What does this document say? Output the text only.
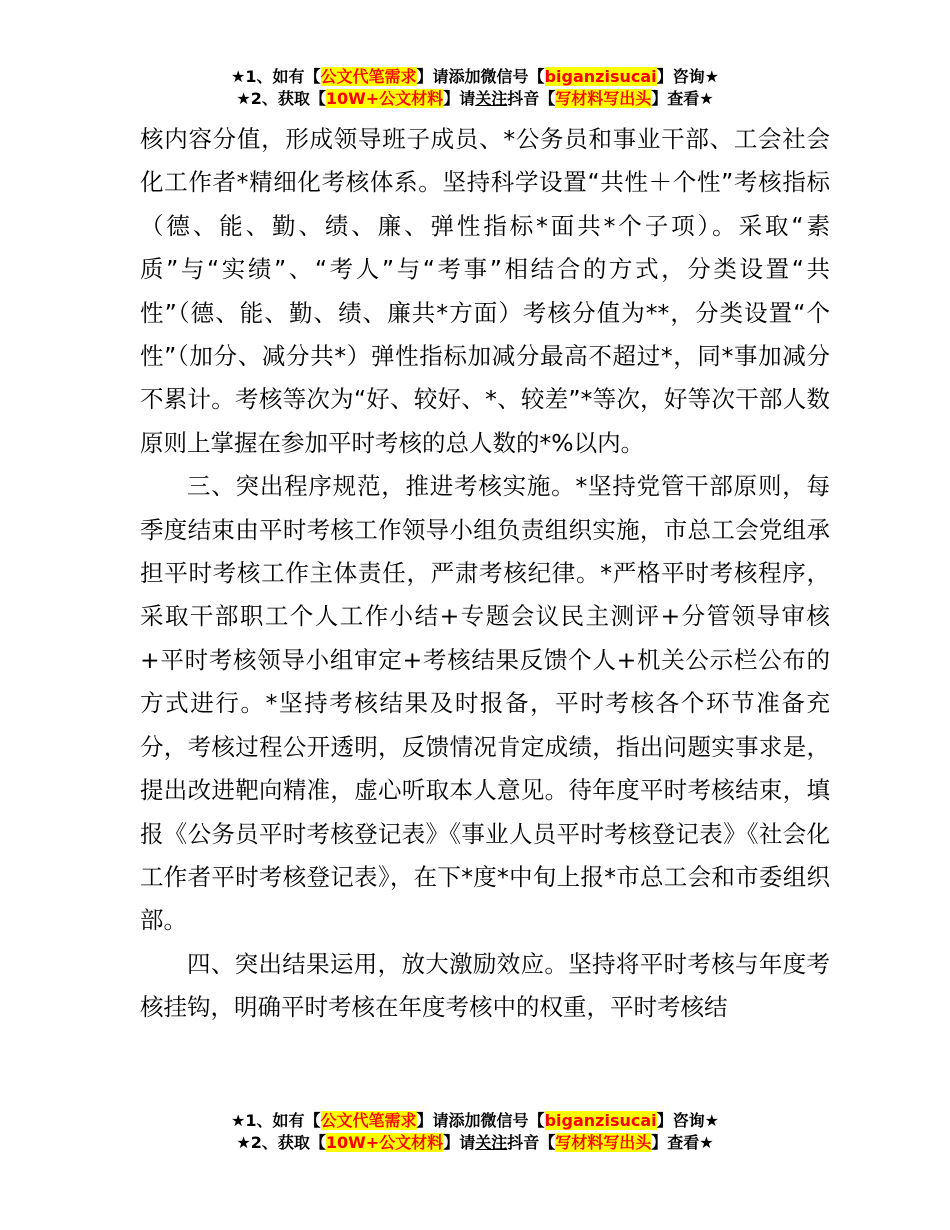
★1、如有【公文代笔需求】请添加微信号【biganzisucai】咨询★
★2、获取【10W+公文材料】请关注抖音【写材料写出头】查看★

核内容分值，形成领导班子成员、*公务员和事业干部、工会社会化工作者*精细化考核体系。坚持科学设置“共性＋个性”考核指标（德、能、勤、绩、廉、弹性指标*面共*个子项）。采取“素质”与“实绩”、“考人”与“考事”相结合的方式，分类设置“共性”（德、能、勤、绩、廉共*方面）考核分值为**，分类设置“个性”（加分、减分共*）弹性指标加减分最高不超过*，同*事加减分不累计。考核等次为“好、较好、*、较差”*等次，好等次干部人数原则上掌握在参加平时考核的总人数的*%以内。

三、突出程序规范，推进考核实施。*坚持党管干部原则，每季度结束由平时考核工作领导小组负责组织实施，市总工会党组承担平时考核工作主体责任，严肃考核纪律。*严格平时考核程序，采取干部职工个人工作小结+专题会议民主测评+分管领导审核+平时考核领导小组审定+考核结果反馈个人+机关公示栏公布的方式进行。*坚持考核结果及时报备，平时考核各个环节准备充分，考核过程公开透明，反馈情况肯定成绩，指出问题实事求是，提出改进靶向精准，虚心听取本人意见。待年度平时考核结束，填报《公务员平时考核登记表》《事业人员平时考核登记表》《社会化工作者平时考核登记表》，在下*度*中旬上报*市总工会和市委组织部。

四、突出结果运用，放大激励效应。坚持将平时考核与年度考核挂钩，明确平时考核在年度考核中的权重，平时考核结

★1、如有【公文代笔需求】请添加微信号【biganzisucai】咨询★
★2、获取【10W+公文材料】请关注抖音【写材料写出头】查看★
